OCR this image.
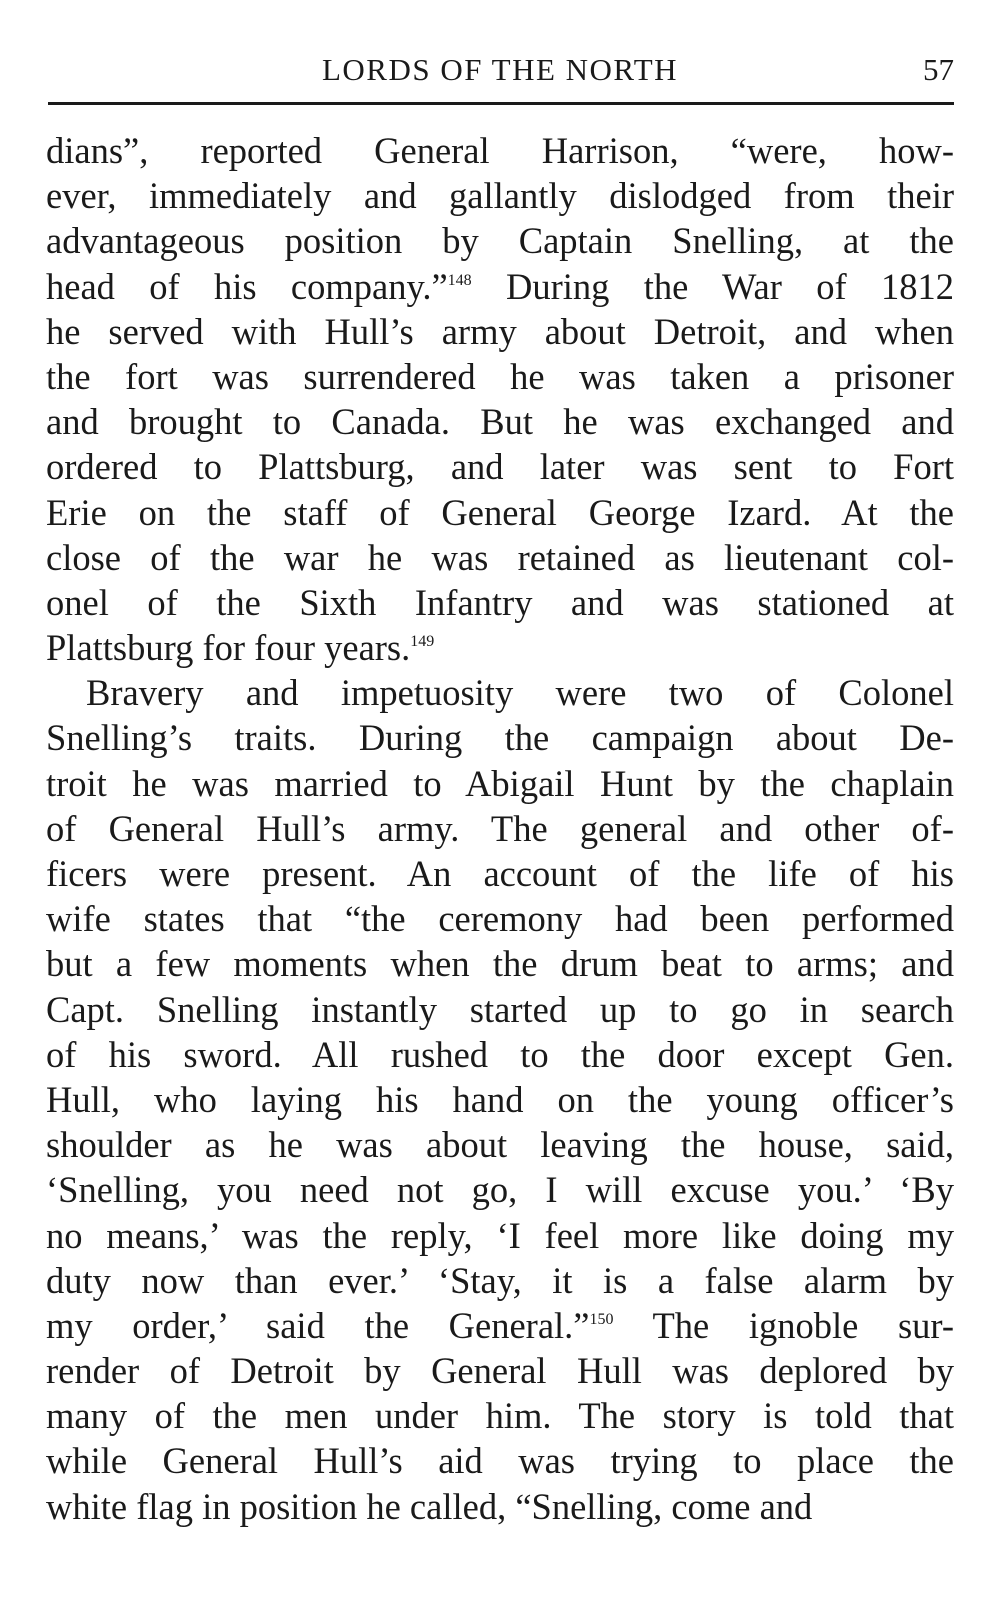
LORDS OF THE NORTH	57
dians”, reported General Harrison, “were, how-
ever, immediately and gallantly dislodged from their
advantageous position by Captain Snelling, at the
head of his company.”$^{148}$ During the War of 1812
he served with Hull’s army about Detroit, and when
the fort was surrendered he was taken a prisoner
and brought to Canada. But he was exchanged and
ordered to Plattsburg, and later was sent to Fort
Erie on the staff of General George Izard. At the
close of the war he was retained as lieutenant col-
onel of the Sixth Infantry and was stationed at
Plattsburg for four years.$^{149}$
Bravery and impetuosity were two of Colonel
Snelling’s traits. During the campaign about De-
troit he was married to Abigail Hunt by the chaplain
of General Hull’s army. The general and other of-
ficers were present. An account of the life of his
wife states that “the ceremony had been performed
but a few moments when the drum beat to arms; and
Capt. Snelling instantly started up to go in search
of his sword. All rushed to the door except Gen.
Hull, who laying his hand on the young officer’s
shoulder as he was about leaving the house, said,
‘Snelling, you need not go, I will excuse you.’ ‘By
no means,’ was the reply, ‘I feel more like doing my
duty now than ever.’ ‘Stay, it is a false alarm by
my order,’ said the General.”$^{150}$ The ignoble sur-
render of Detroit by General Hull was deplored by
many of the men under him. The story is told that
while General Hull’s aid was trying to place the
white flag in position he called, “Snelling, come and
